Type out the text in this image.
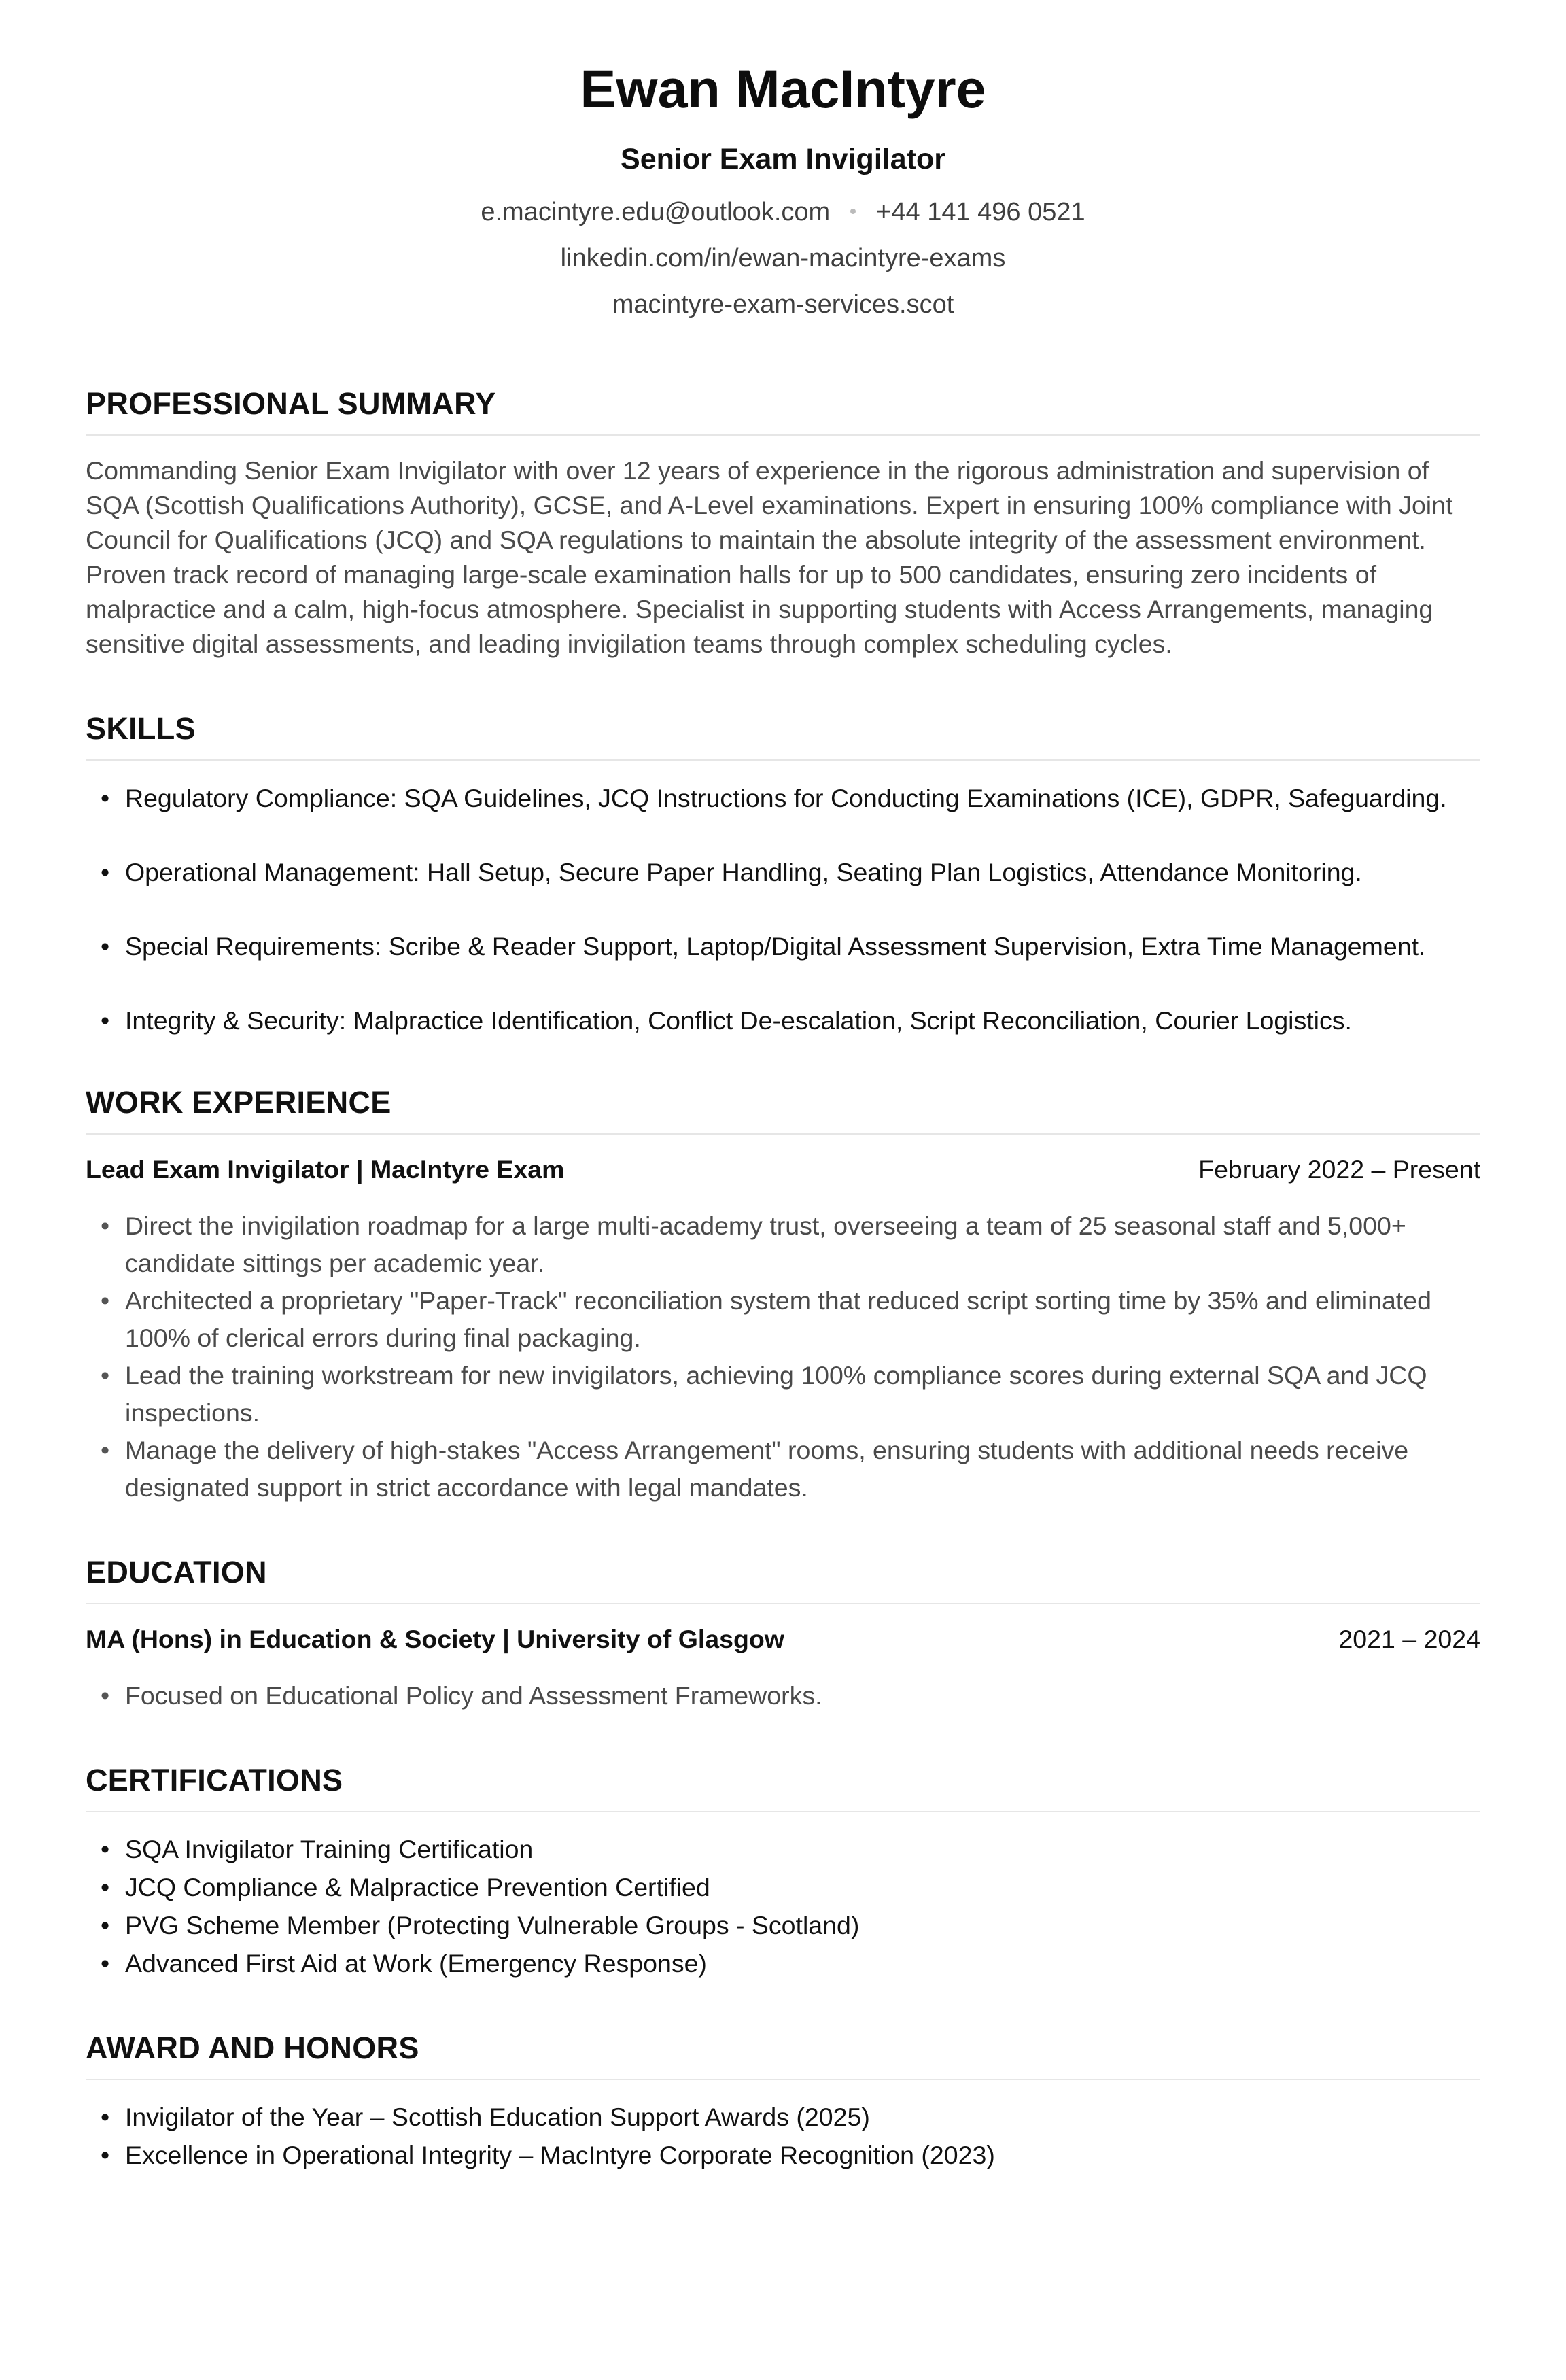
Ewan MacIntyre
Senior Exam Invigilator
e.macintyre.edu@outlook.com +44 141 496 0521
linkedin.com/in/ewan-macintyre-exams
macintyre-exam-services.scot
PROFESSIONAL SUMMARY
Commanding Senior Exam Invigilator with over 12 years of experience in the rigorous administration and supervision of SQA (Scottish Qualifications Authority), GCSE, and A-Level examinations. Expert in ensuring 100% compliance with Joint Council for Qualifications (JCQ) and SQA regulations to maintain the absolute integrity of the assessment environment. Proven track record of managing large-scale examination halls for up to 500 candidates, ensuring zero incidents of malpractice and a calm, high-focus atmosphere. Specialist in supporting students with Access Arrangements, managing sensitive digital assessments, and leading invigilation teams through complex scheduling cycles.
SKILLS
• Regulatory Compliance: SQA Guidelines, JCQ Instructions for Conducting Examinations (ICE), GDPR, Safeguarding.
• Operational Management: Hall Setup, Secure Paper Handling, Seating Plan Logistics, Attendance Monitoring.
• Special Requirements: Scribe & Reader Support, Laptop/Digital Assessment Supervision, Extra Time Management.
• Integrity & Security: Malpractice Identification, Conflict De-escalation, Script Reconciliation, Courier Logistics.
WORK EXPERIENCE
Lead Exam Invigilator | MacIntyre Exam	February 2022 – Present
• Direct the invigilation roadmap for a large multi-academy trust, overseeing a team of 25 seasonal staff and 5,000+ candidate sittings per academic year.
• Architected a proprietary "Paper-Track" reconciliation system that reduced script sorting time by 35% and eliminated 100% of clerical errors during final packaging.
• Lead the training workstream for new invigilators, achieving 100% compliance scores during external SQA and JCQ inspections.
• Manage the delivery of high-stakes "Access Arrangement" rooms, ensuring students with additional needs receive designated support in strict accordance with legal mandates.
EDUCATION
MA (Hons) in Education & Society | University of Glasgow	2021 – 2024
• Focused on Educational Policy and Assessment Frameworks.
CERTIFICATIONS
• SQA Invigilator Training Certification
• JCQ Compliance & Malpractice Prevention Certified
• PVG Scheme Member (Protecting Vulnerable Groups - Scotland)
• Advanced First Aid at Work (Emergency Response)
AWARD AND HONORS
• Invigilator of the Year – Scottish Education Support Awards (2025)
• Excellence in Operational Integrity – MacIntyre Corporate Recognition (2023)
